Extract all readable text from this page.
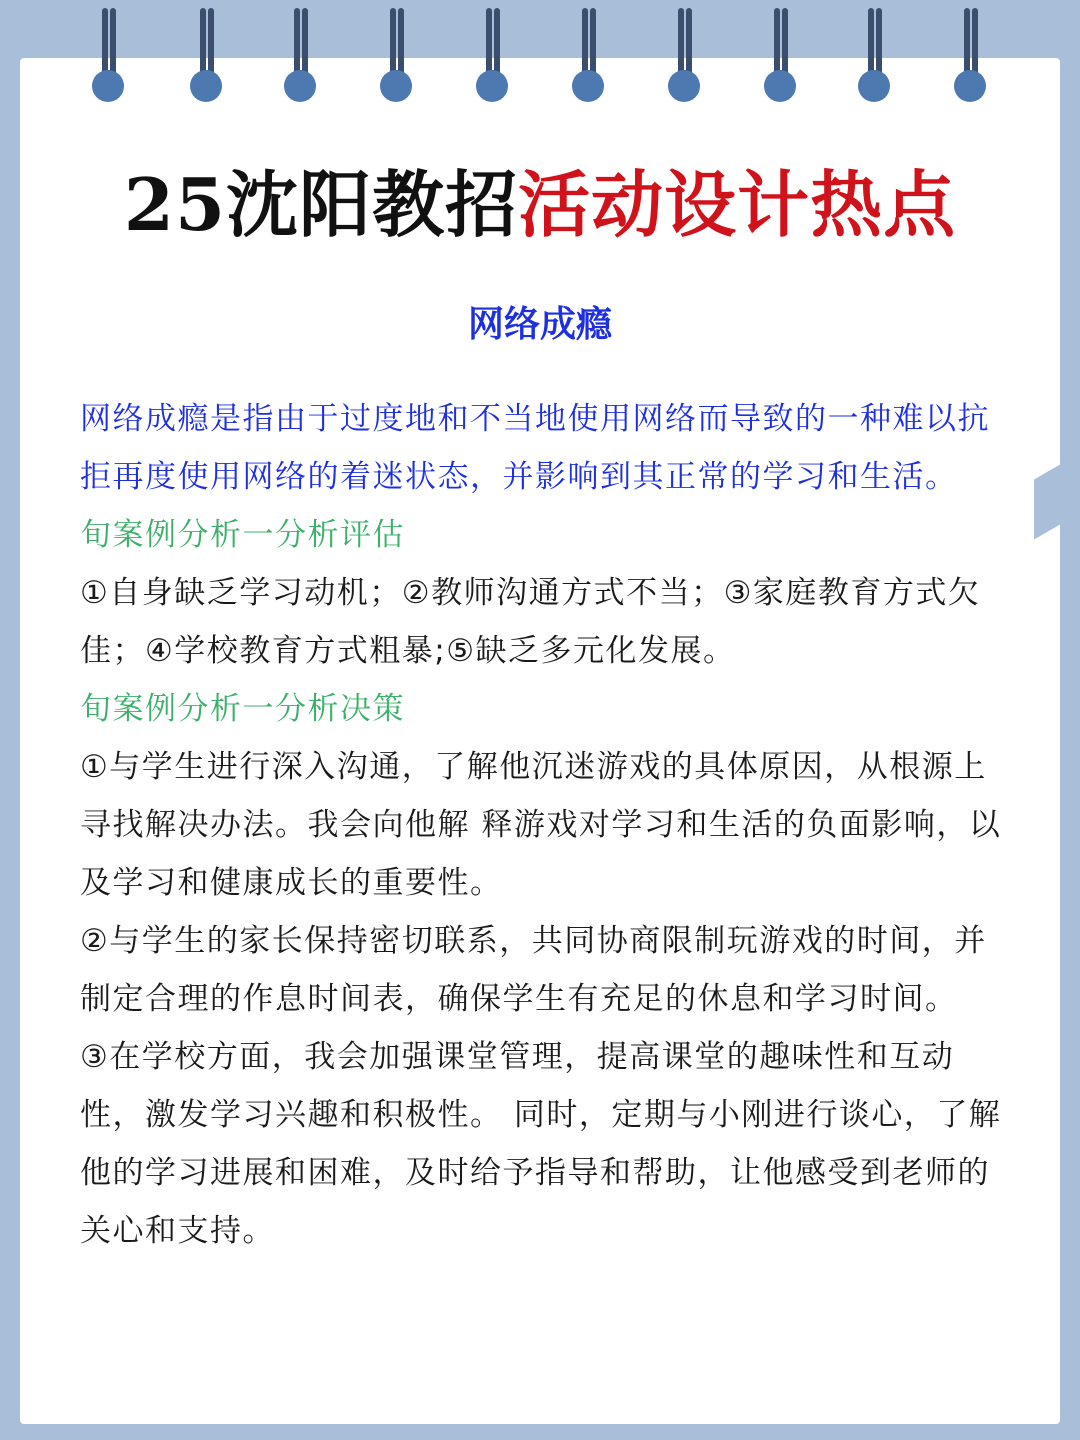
25沈阳教招活动设计热点
网络成瘾

网络成瘾是指由于过度地和不当地使用网络而导致的一种难以抗拒再度使用网络的着迷状态，并影响到其正常的学习和生活。

旬案例分析一分析评估

①自身缺乏学习动机；②教师沟通方式不当；③家庭教育方式欠佳；④学校教育方式粗暴;⑤缺乏多元化发展。

旬案例分析一分析决策

①与学生进行深入沟通，了解他沉迷游戏的具体原因，从根源上寻找解决办法。我会向他解 释游戏对学习和生活的负面影响，以及学习和健康成长的重要性。

②与学生的家长保持密切联系，共同协商限制玩游戏的时间，并制定合理的作息时间表，确保学生有充足的休息和学习时间。

③在学校方面，我会加强课堂管理，提高课堂的趣味性和互动性，激发学习兴趣和积极性。 同时，定期与小刚进行谈心，了解他的学习进展和困难，及时给予指导和帮助，让他感受到老师的关心和支持。
